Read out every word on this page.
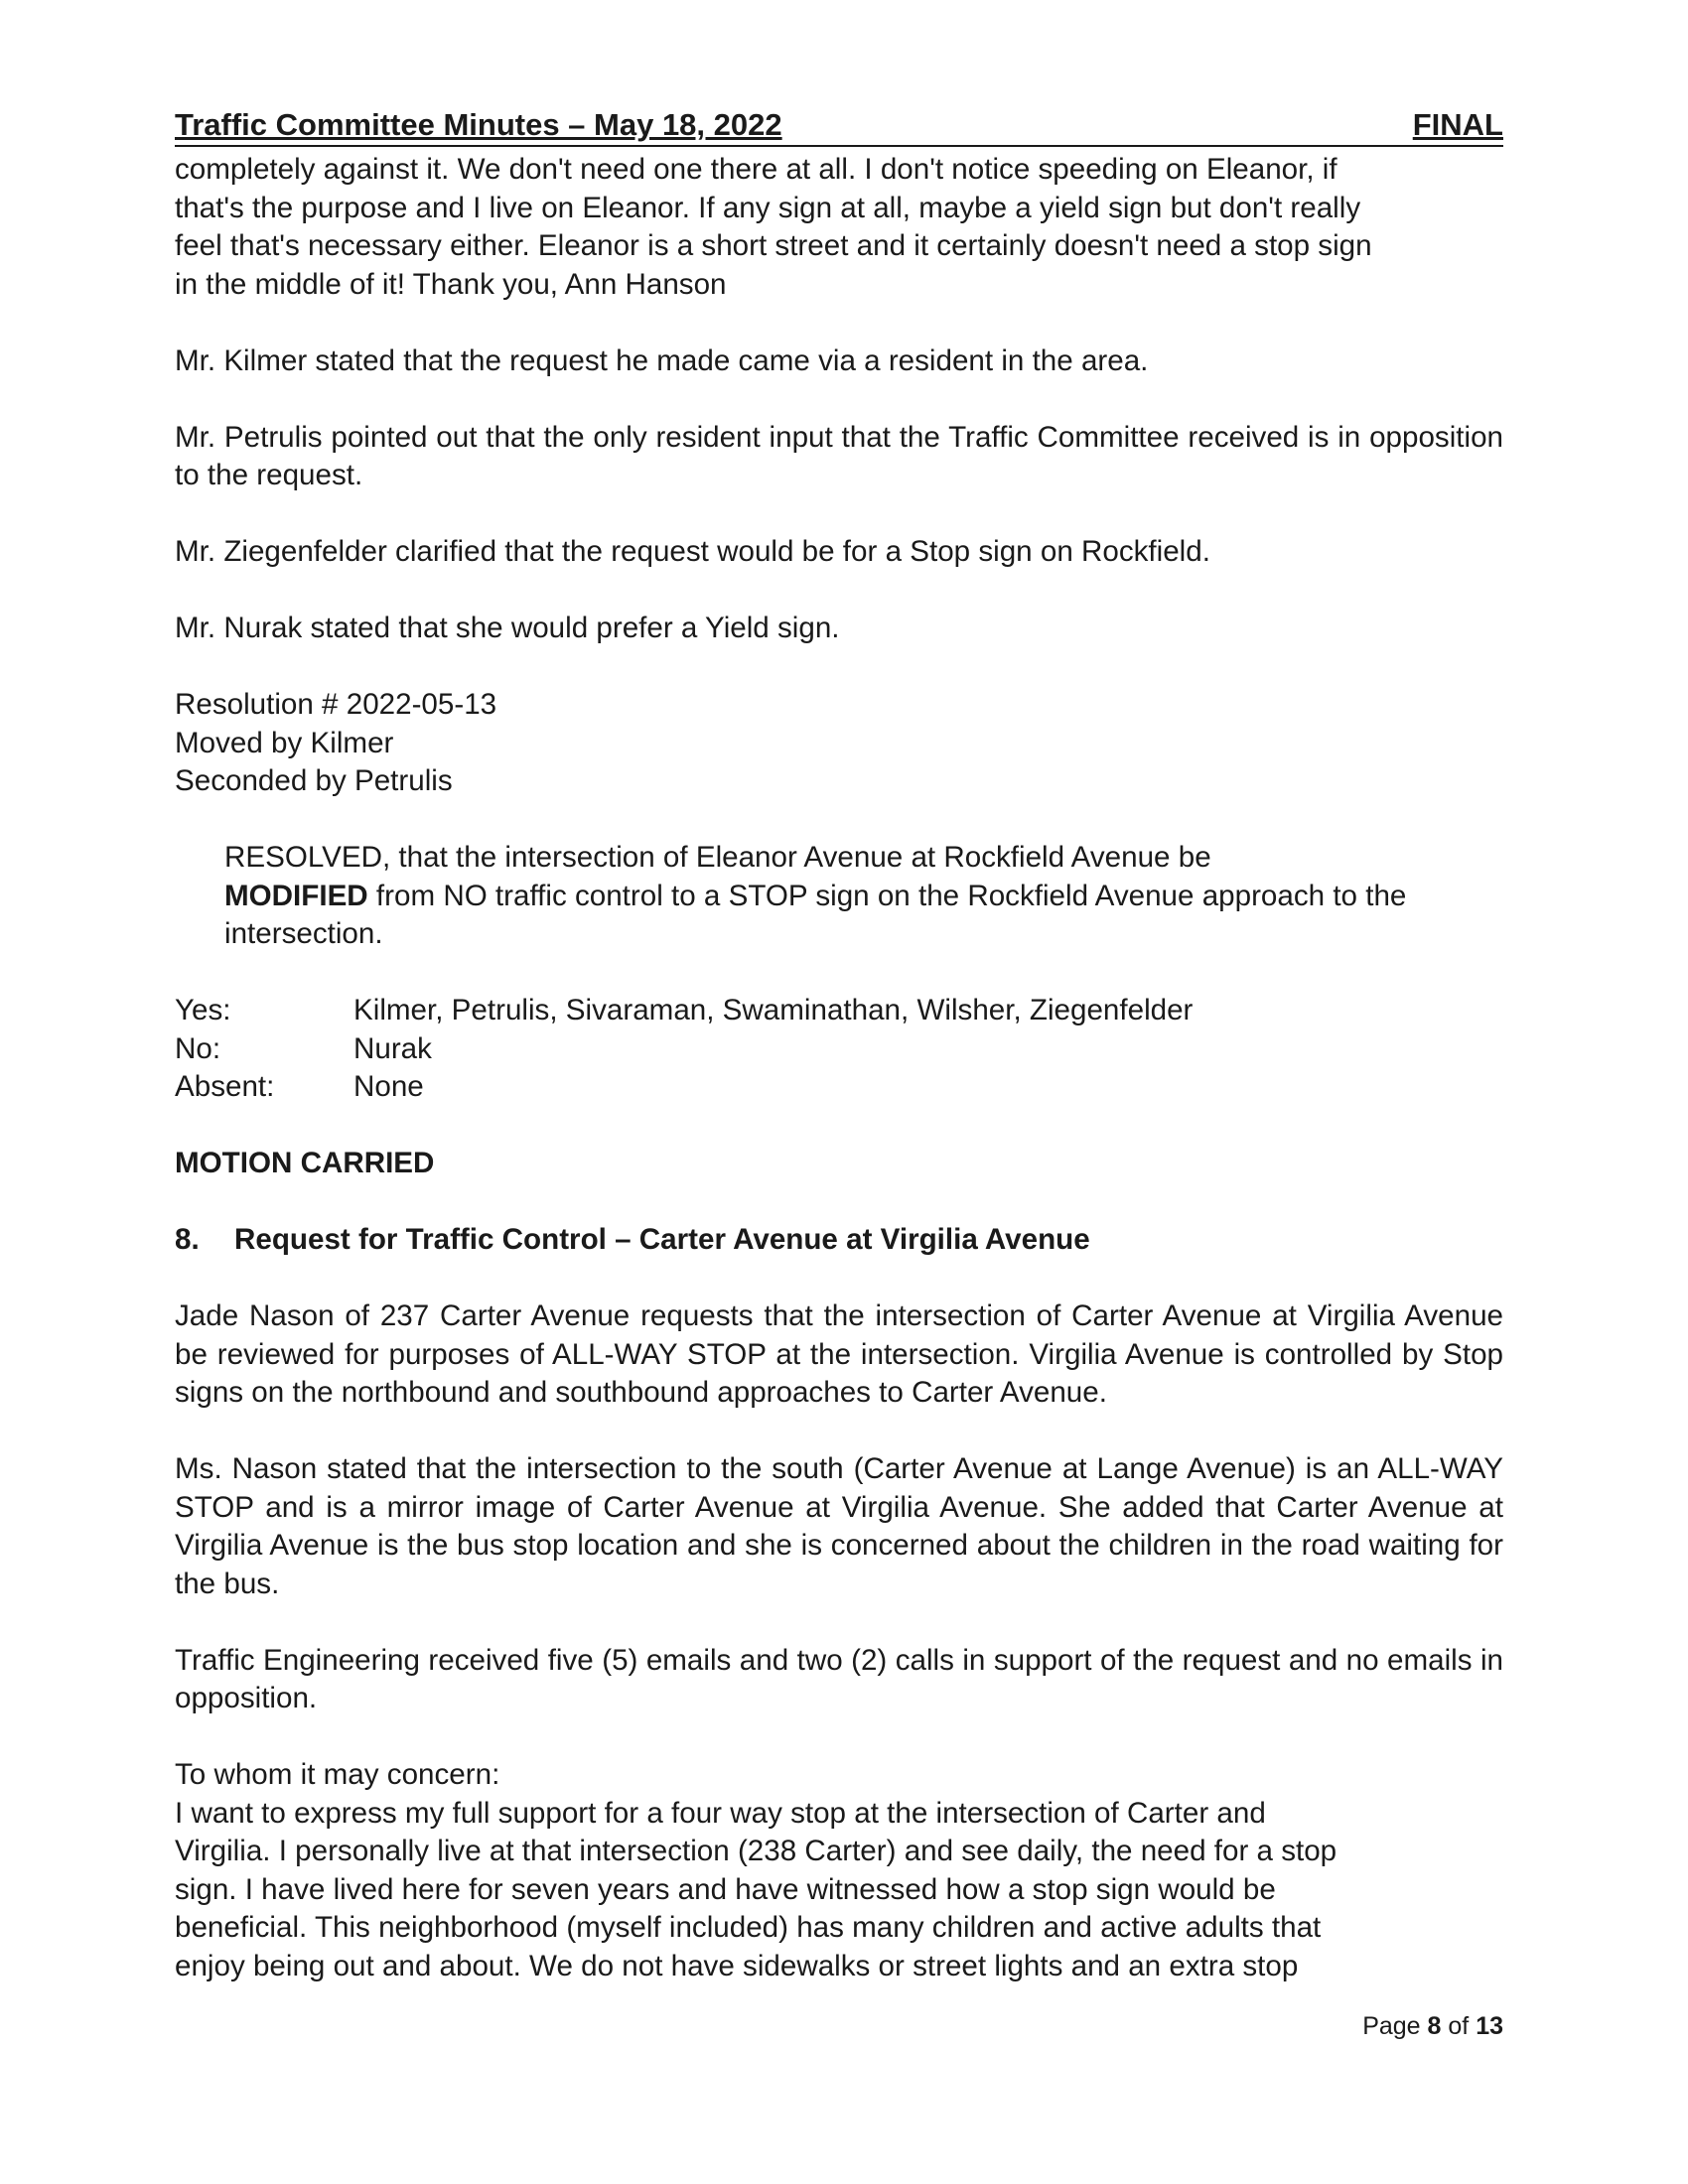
Traffic Committee Minutes – May 18, 2022	FINAL

completely against it. We don't need one there at all. I don't notice speeding on Eleanor, if

that's the purpose and I live on Eleanor. If any sign at all, maybe a yield sign but don't really

feel that's necessary either. Eleanor is a short street and it certainly doesn't need a stop sign

in the middle of it! Thank you, Ann Hanson

Mr. Kilmer stated that the request he made came via a resident in the area.

Mr. Petrulis pointed out that the only resident input that the Traffic Committee received is in opposition to the request.

Mr. Ziegenfelder clarified that the request would be for a Stop sign on Rockfield.

Mr. Nurak stated that she would prefer a Yield sign.

Resolution # 2022-05-13

Moved by Kilmer

Seconded by Petrulis

RESOLVED, that the intersection of Eleanor Avenue at Rockfield Avenue be
MODIFIED from NO traffic control to a STOP sign on the Rockfield Avenue approach to the intersection.
Yes:	Kilmer, Petrulis, Sivaraman, Swaminathan, Wilsher, Ziegenfelder
No:	Nurak
Absent:	None

MOTION CARRIED

8. Request for Traffic Control – Carter Avenue at Virgilia Avenue

Jade Nason of 237 Carter Avenue requests that the intersection of Carter Avenue at Virgilia Avenue be reviewed for purposes of ALL-WAY STOP at the intersection. Virgilia Avenue is controlled by Stop signs on the northbound and southbound approaches to Carter Avenue.

Ms. Nason stated that the intersection to the south (Carter Avenue at Lange Avenue) is an ALL-WAY STOP and is a mirror image of Carter Avenue at Virgilia Avenue. She added that Carter Avenue at Virgilia Avenue is the bus stop location and she is concerned about the children in the road waiting for the bus.

Traffic Engineering received five (5) emails and two (2) calls in support of the request and no emails in opposition.

To whom it may concern:

I want to express my full support for a four way stop at the intersection of Carter and

Virgilia. I personally live at that intersection (238 Carter) and see daily, the need for a stop

sign. I have lived here for seven years and have witnessed how a stop sign would be

beneficial. This neighborhood (myself included) has many children and active adults that

enjoy being out and about. We do not have sidewalks or street lights and an extra stop

Page 8 of 13
